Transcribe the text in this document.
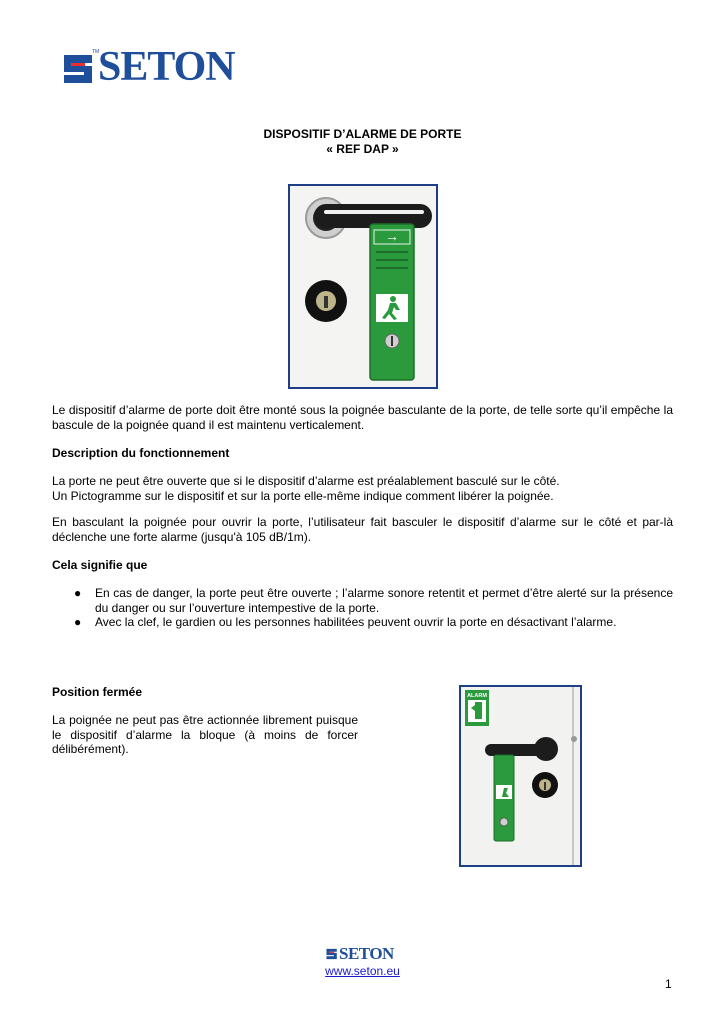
SETON
TM
DISPOSITIF D’ALARME DE PORTE
« REF DAP »
→

Le dispositif d’alarme de porte doit être monté sous la poignée basculante de la porte, de telle sorte qu’il empêche la bascule de la poignée quand il est maintenu verticalement.

Description du fonctionnement

La porte ne peut être ouverte que si le dispositif d’alarme est préalablement basculé sur le côté.
Un Pictogramme sur le dispositif et sur la porte elle-même indique comment libérer la poignée.

En basculant la poignée pour ouvrir la porte, l’utilisateur fait basculer le dispositif d’alarme sur le côté et par-là déclenche une forte alarme (jusqu'à 105 dB/1m).

Cela signifie que

● En cas de danger, la porte peut être ouverte ; l’alarme sonore retentit et permet d’être alerté sur la présence du danger ou sur l’ouverture intempestive de la porte.
● Avec la clef, le gardien ou les personnes habilitées peuvent ouvrir la porte en désactivant l’alarme.

Position fermée

La poignée ne peut pas être actionnée librement puisque le dispositif d’alarme la bloque (à moins de forcer délibérément).

ALARM
SETON
www.seton.eu
1
